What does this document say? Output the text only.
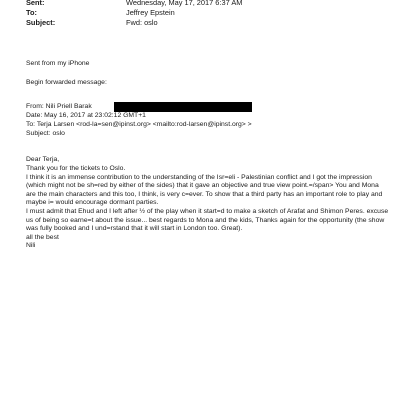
Sent:	Wednesday, May 17, 2017 6:37 AM
To:	Jeffrey Epstein
Subject:	Fwd: oslo
Sent from my iPhone
Begin forwarded message:
From: Nili Priell Barak
Date: May 16, 2017 at 23:02:12 GMT+1
To: Terja Larsen <rod-la=sen@ipinst.org> <mailto:rod-larsen@ipinst.org> >
Subject: oslo
Dear Terja,
Thank you for the tickets to Oslo.
I think it is an immense contribution to the understanding of the Isr=eli - Palestinian conflict and I got the impression
(which might not be sh=red by either of the sides) that it gave an objective and true view point.=/span> You and Mona
are the main characters and this too, I think, is very c=ever. To show that a third party has an important role to play and
maybe i= would encourage dormant parties.
I must admit that Ehud and I left after ½ of the play when it start=d to make a sketch of Arafat and Shimon Peres. excuse
us of being so earne=t about the issue... best regards to Mona and the kids, Thanks again for the opportunity (the show
was fully booked and I und=rstand that it will start in London too. Great).
all the best
Nili
